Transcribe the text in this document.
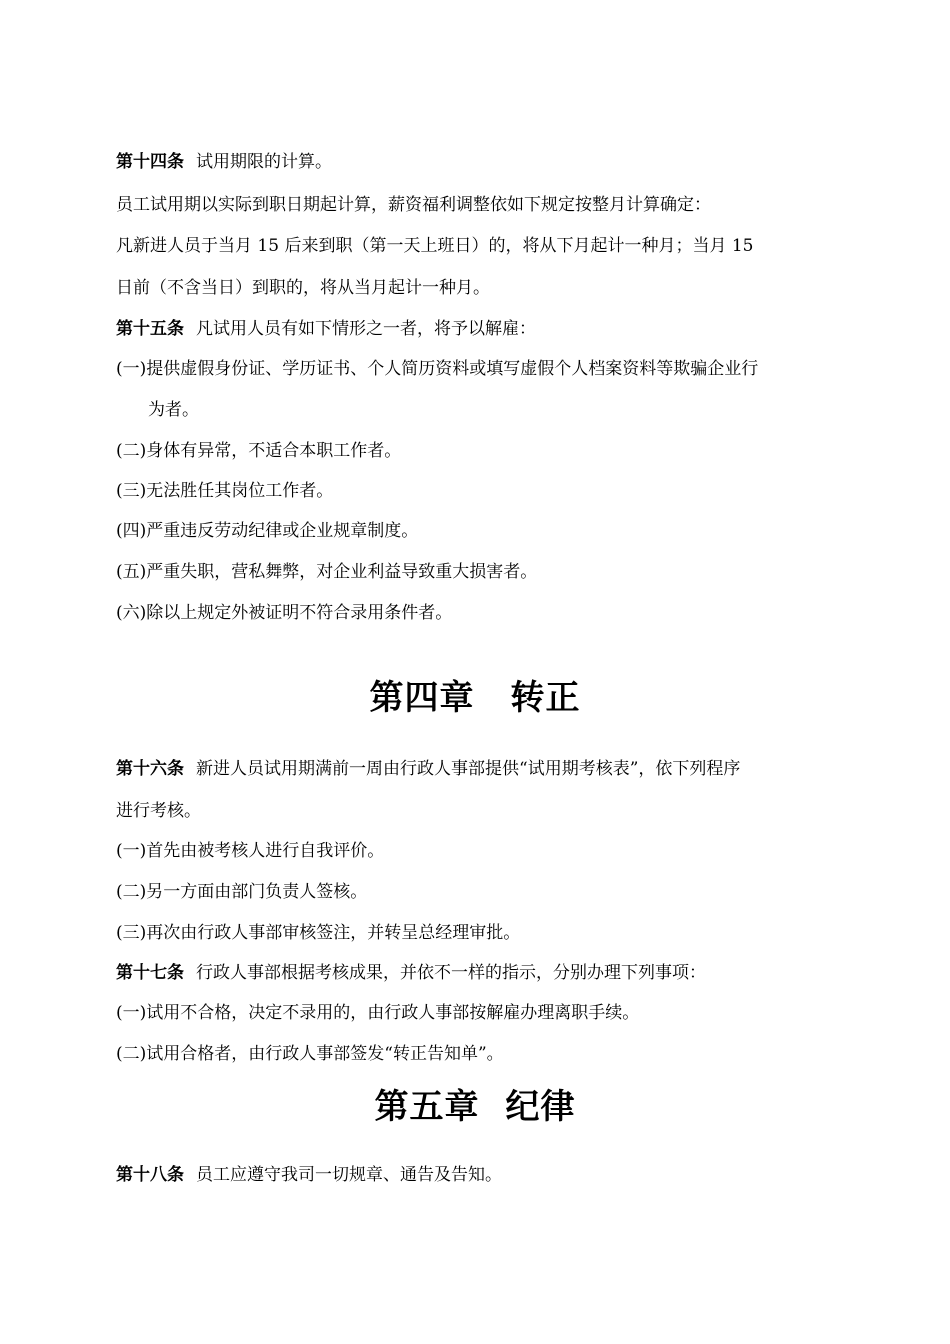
第十四条 试用期限的计算。
员工试用期以实际到职日期起计算，薪资福利调整依如下规定按整月计算确定：
凡新进人员于当月 15 后来到职（第一天上班日）的，将从下月起计一种月；当月 15
日前（不含当日）到职的，将从当月起计一种月。
第十五条 凡试用人员有如下情形之一者，将予以解雇：
(一)提供虚假身份证、学历证书、个人简历资料或填写虚假个人档案资料等欺骗企业行
为者。
(二)身体有异常，不适合本职工作者。
(三)无法胜任其岗位工作者。
(四)严重违反劳动纪律或企业规章制度。
(五)严重失职，营私舞弊，对企业利益导致重大损害者。
(六)除以上规定外被证明不符合录用条件者。
第四章 转正
第十六条 新进人员试用期满前一周由行政人事部提供“试用期考核表”，依下列程序
进行考核。
(一)首先由被考核人进行自我评价。
(二)另一方面由部门负责人签核。
(三)再次由行政人事部审核签注，并转呈总经理审批。
第十七条 行政人事部根据考核成果，并依不一样的指示，分别办理下列事项：
(一)试用不合格，决定不录用的，由行政人事部按解雇办理离职手续。
(二)试用合格者，由行政人事部签发“转正告知单”。
第五章 纪律
第十八条 员工应遵守我司一切规章、通告及告知。
